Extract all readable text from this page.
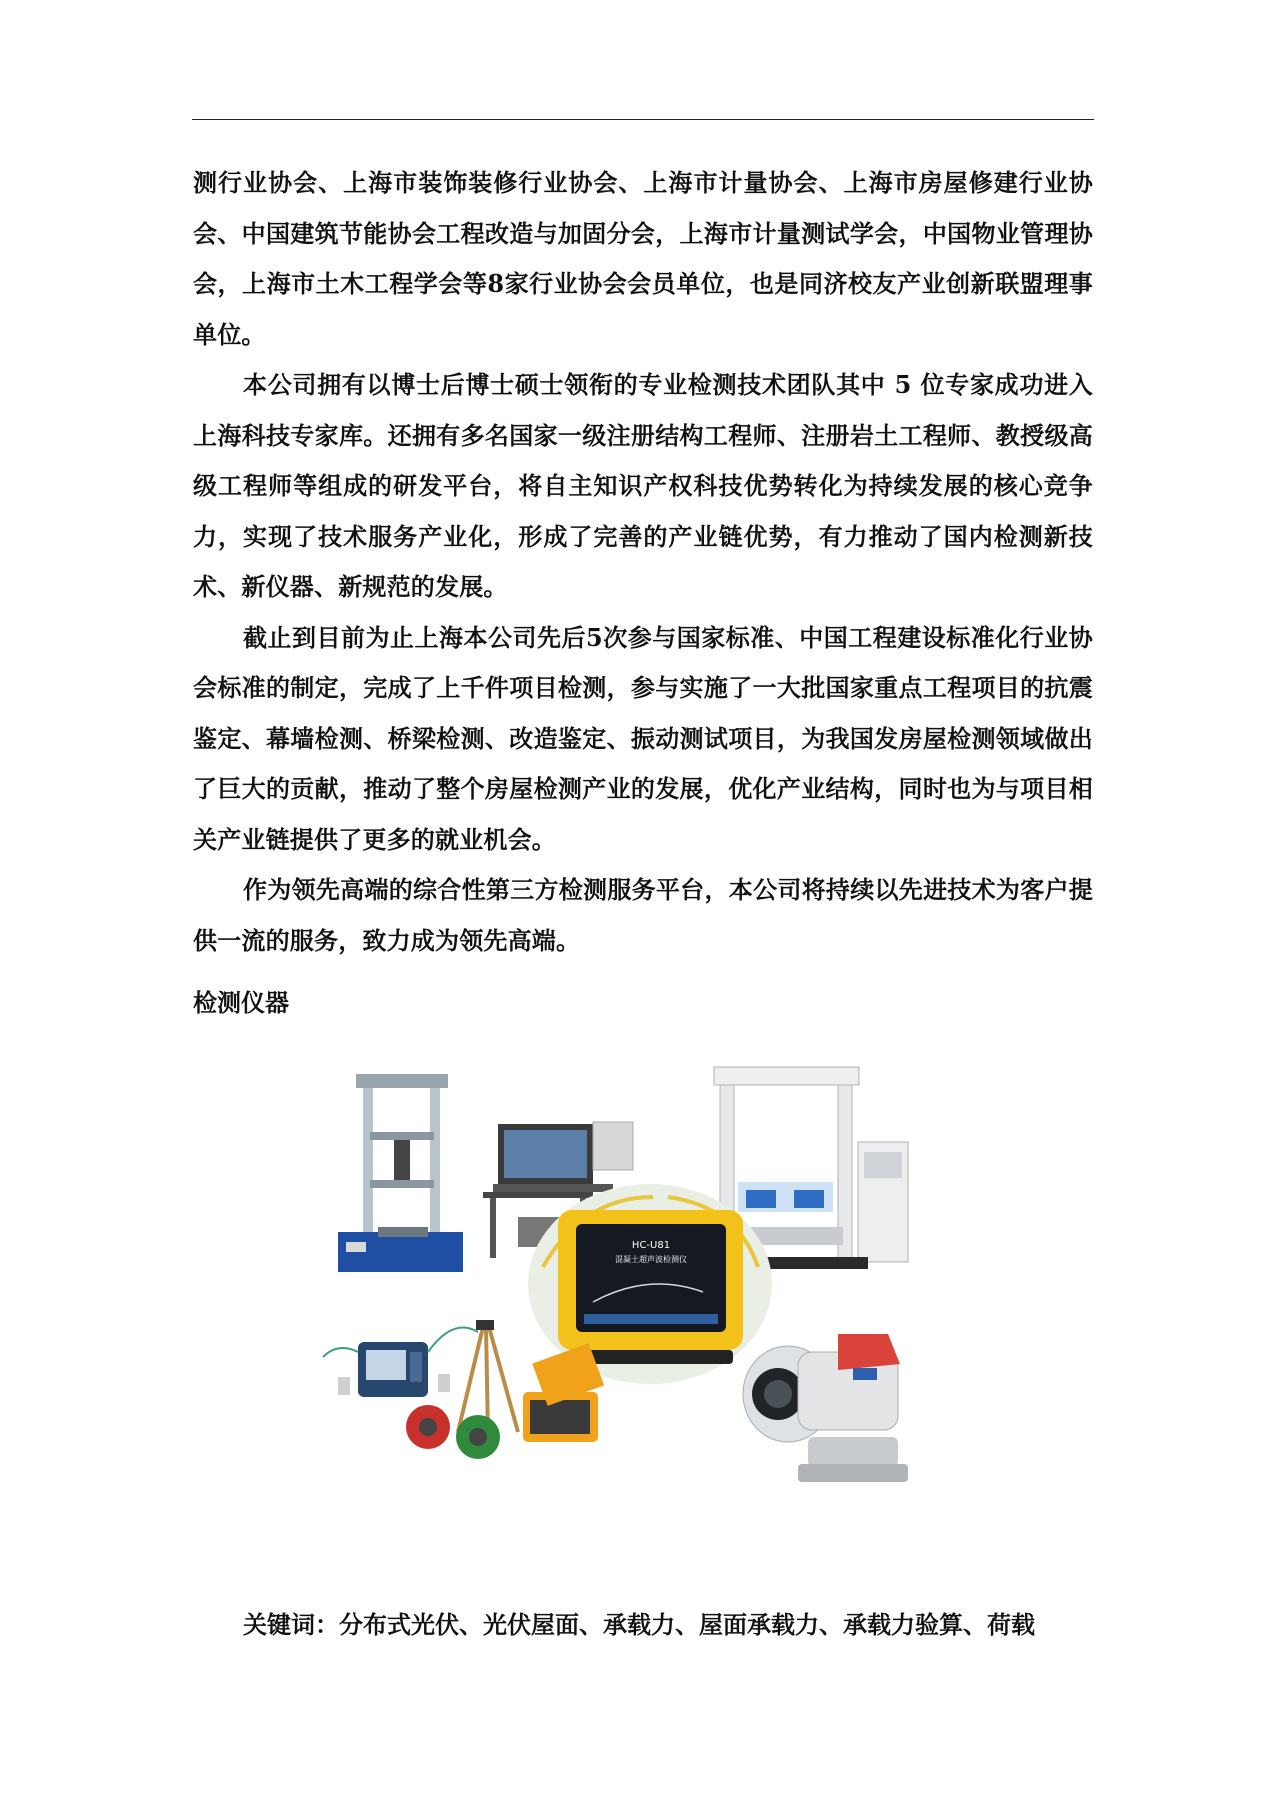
测行业协会、上海市装饰装修行业协会、上海市计量协会、上海市房屋修建行业协会、中国建筑节能协会工程改造与加固分会，上海市计量测试学会，中国物业管理协会，上海市土木工程学会等8家行业协会会员单位，也是同济校友产业创新联盟理事单位。

本公司拥有以博士后博士硕士领衔的专业检测技术团队其中 5 位专家成功进入上海科技专家库。还拥有多名国家一级注册结构工程师、注册岩土工程师、教授级高级工程师等组成的研发平台，将自主知识产权科技优势转化为持续发展的核心竞争力，实现了技术服务产业化，形成了完善的产业链优势，有力推动了国内检测新技术、新仪器、新规范的发展。

截止到目前为止上海本公司先后5次参与国家标准、中国工程建设标准化行业协会标准的制定，完成了上千件项目检测，参与实施了一大批国家重点工程项目的抗震鉴定、幕墙检测、桥梁检测、改造鉴定、振动测试项目，为我国发房屋检测领域做出了巨大的贡献，推动了整个房屋检测产业的发展，优化产业结构，同时也为与项目相关产业链提供了更多的就业机会。

作为领先高端的综合性第三方检测服务平台，本公司将持续以先进技术为客户提供一流的服务，致力成为领先高端。

检测仪器
HC-U81
混凝土超声波检测仪

关键词：分布式光伏、光伏屋面、承载力、屋面承载力、承载力验算、荷载
